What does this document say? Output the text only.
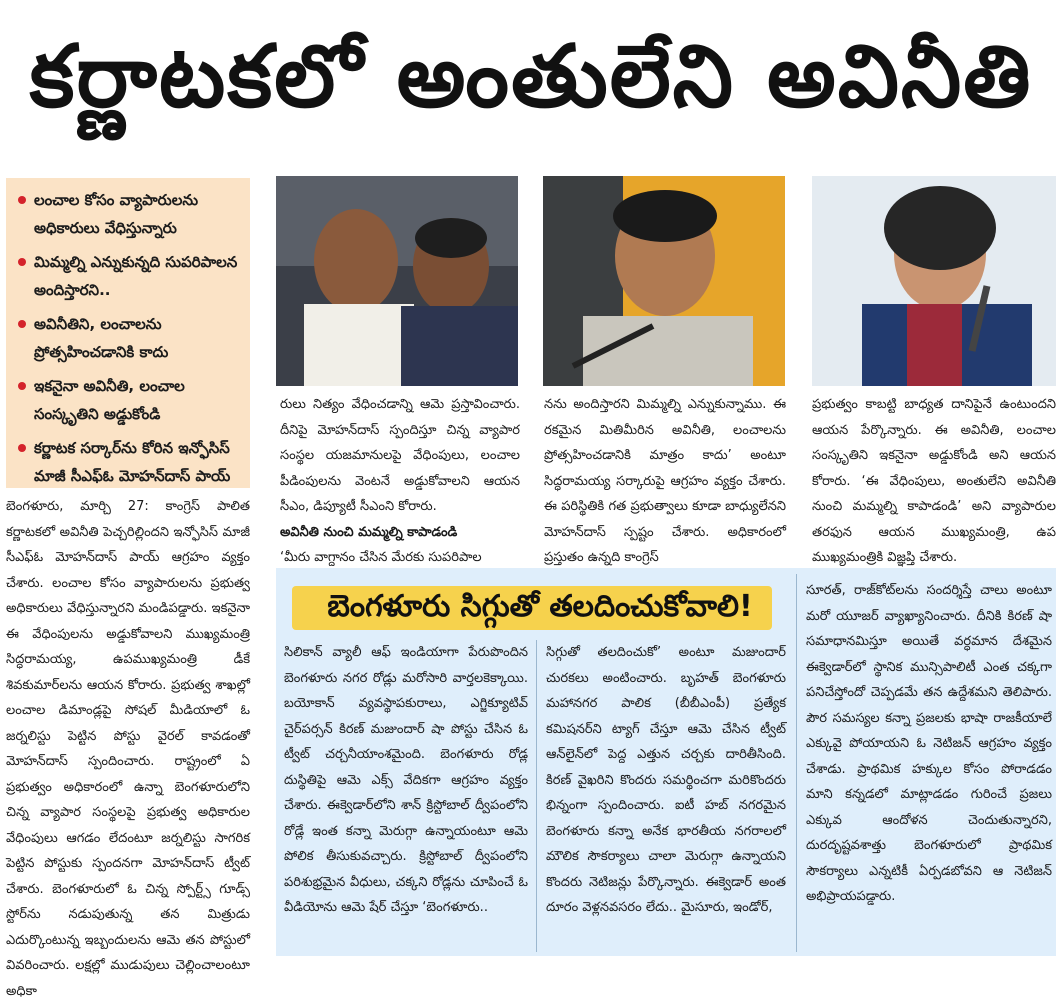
కర్ణాటకలో అంతులేని అవినీతి
లంచాల కోసం వ్యాపారులను అధికారులు వేధిస్తున్నారు
మిమ్మల్ని ఎన్నుకున్నది సుపరిపాలన అందిస్తారని..
అవినీతిని, లంచాలను ప్రోత్సహించడానికి కాదు
ఇకనైనా అవినీతి, లంచాల సంస్కృతిని అడ్డుకోండి
కర్ణాటక సర్కార్‌ను కోరిన ఇన్ఫోసిస్ మాజీ సీఎఫ్ఓ మోహన్‌దాస్ పాయ్

బెంగళూరు, మార్చి 27: కాంగ్రెస్ పాలిత కర్ణాటకలో అవినీతి పెచ్చరిల్లిందని ఇన్ఫోసిస్ మాజీ సీఎఫ్ఓ మోహన్‌దాస్ పాయ్ ఆగ్రహం వ్యక్తం చేశారు. లంచాల కోసం వ్యాపారులను ప్రభుత్వ అధికారులు వేధిస్తున్నారని మండిపడ్డారు. ఇకనైనా ఈ వేధింపులను అడ్డుకోవాలని ముఖ్యమంత్రి సిద్ధరామయ్య, ఉపముఖ్యమంత్రి డీకే శివకుమార్‌లను ఆయన కోరారు. ప్రభుత్వ శాఖల్లో లంచాల డిమాండ్లపై సోషల్ మీడియాలో ఓ జర్నలిస్టు పెట్టిన పోస్టు వైరల్ కావడంతో మోహన్‌దాస్ స్పందించారు. రాష్ట్రంలో ఏ ప్రభుత్వం అధికారంలో ఉన్నా బెంగళూరులోని చిన్న వ్యాపార సంస్థలపై ప్రభుత్వ అధికారుల వేధింపులు ఆగడం లేదంటూ జర్నలిస్టు సాగరిక పెట్టిన పోస్టుకు స్పందనగా మోహన్‌దాస్ ట్వీట్ చేశారు. బెంగళూరులో ఓ చిన్న స్పోర్ట్స్ గూడ్స్ స్టోర్‌ను నడుపుతున్న తన మిత్రుడు ఎదుర్కొంటున్న ఇబ్బందులను ఆమె తన పోస్టులో వివరించారు. లక్షల్లో ముడుపులు చెల్లించాలంటూ అధికా

రులు నిత్యం వేధించడాన్ని ఆమె ప్రస్తావించారు. దీనిపై మోహన్‌దాస్ స్పందిస్తూ చిన్న వ్యాపార సంస్థల యజమానులపై వేధింపులు, లంచాల పీడింపులను వెంటనే అడ్డుకోవాలని ఆయన సీఎం, డిప్యూటీ సీఎంని కోరారు.

అవినీతి నుంచి మమ్మల్ని కాపాడండి

‘మీరు వాగ్దానం చేసిన మేరకు సుపరిపాల

నను అందిస్తారని మిమ్మల్ని ఎన్నుకున్నాము. ఈ రకమైన మితిమీరిన అవినీతి, లంచాలను ప్రోత్సహించడానికి మాత్రం కాదు’ అంటూ సిద్ధరామయ్య సర్కారుపై ఆగ్రహం వ్యక్తం చేశారు. ఈ పరిస్థితికి గత ప్రభుత్వాలు కూడా బాధ్యులేనని మోహన్‌దాస్ స్పష్టం చేశారు. అధికారంలో ప్రస్తుతం ఉన్నది కాంగ్రెస్

ప్రభుత్వం కాబట్టి బాధ్యత దానిపైనే ఉంటుందని ఆయన పేర్కొన్నారు. ఈ అవినీతి, లంచాల సంస్కృతిని ఇకనైనా అడ్డుకోండి అని ఆయన కోరారు. ‘ఈ వేధింపులు, అంతులేని అవినీతి నుంచి మమ్మల్ని కాపాడండి’ అని వ్యాపారుల తరఫున ఆయన ముఖ్యమంత్రి, ఉప ముఖ్యమంత్రికి విజ్ఞప్తి చేశారు.

బెంగళూరు సిగ్గుతో తలదించుకోవాలి!

సిలికాన్ వ్యాలీ ఆఫ్ ఇండియాగా పేరుపొందిన బెంగళూరు నగర రోడ్లు మరోసారి వార్తలకెక్కాయి. బయోకాన్ వ్యవస్థాపకురాలు, ఎగ్జిక్యూటివ్ చైర్‌పర్సన్ కిరణ్ మజుందార్ షా పోస్టు చేసిన ఓ ట్వీట్ చర్చనీయాంశమైంది. బెంగళూరు రోడ్ల దుస్థితిపై ఆమె ఎక్స్ వేదికగా ఆగ్రహం వ్యక్తం చేశారు. ఈక్వెడార్‌లోని శాన్ క్రిస్టోబాల్ ద్వీపంలోని రోడ్లే ఇంత కన్నా మెరుగ్గా ఉన్నాయంటూ ఆమె పోలిక తీసుకువచ్చారు. క్రిస్టోబాల్ ద్వీపంలోని పరిశుభ్రమైన వీధులు, చక్కని రోడ్లను చూపించే ఓ వీడియోను ఆమె షేర్ చేస్తూ ‘బెంగళూరు..

సిగ్గుతో తలదించుకో’ అంటూ మజుందార్ చురకలు అంటించారు. బృహత్ బెంగళూరు మహానగర పాలిక (బీబీఎంపీ) ప్రత్యేక కమిషనర్‌ని ట్యాగ్ చేస్తూ ఆమె చేసిన ట్వీట్ ఆన్‌లైన్‌లో పెద్ద ఎత్తున చర్చకు దారితీసింది. కిరణ్ వైఖరిని కొందరు సమర్థించగా మరికొందరు భిన్నంగా స్పందించారు. ఐటీ హబ్ నగరమైన బెంగళూరు కన్నా అనేక భారతీయ నగరాలలో మౌలిక సౌకర్యాలు చాలా మెరుగ్గా ఉన్నాయని కొందరు నెటిజన్లు పేర్కొన్నారు. ఈక్వెడార్ అంత దూరం వెళ్లనవసరం లేదు.. మైసూరు, ఇండోర్,

సూరత్, రాజ్‌కోట్‌లను సందర్శిస్తే చాలు అంటూ మరో యూజర్ వ్యాఖ్యానించారు. దీనికి కిరణ్ షా సమాధానమిస్తూ అయితే వర్ధమాన దేశమైన ఈక్వెడార్‌లో స్థానిక మున్సిపాలిటీ ఎంత చక్కగా పనిచేస్తోందో చెప్పడమే తన ఉద్దేశమని తెలిపారు. పౌర సమస్యల కన్నా ప్రజలకు భాషా రాజకీయాలే ఎక్కువై పోయాయని ఓ నెటిజన్ ఆగ్రహం వ్యక్తం చేశాడు. ప్రాథమిక హక్కుల కోసం పోరాడడం మాని కన్నడలో మాట్లాడడం గురించే ప్రజలు ఎక్కువ ఆందోళన చెందుతున్నారని, దురదృష్టవశాత్తు బెంగళూరులో ప్రాథమిక సౌకర్యాలు ఎన్నటికీ ఏర్పడబోవని ఆ నెటిజన్ అభిప్రాయపడ్డారు.
